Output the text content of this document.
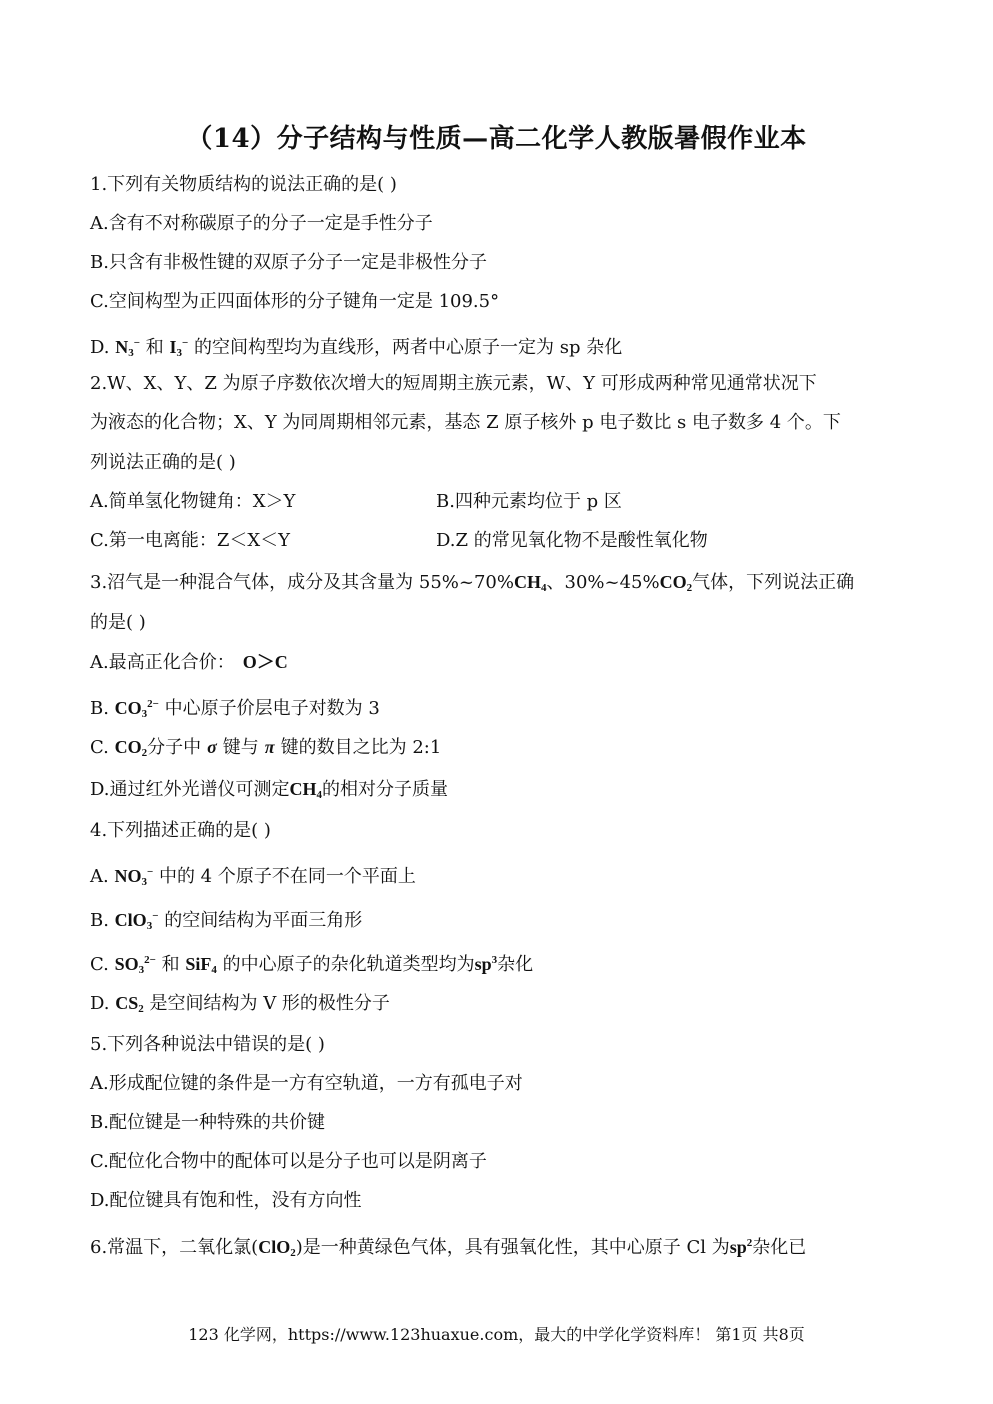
（14）分子结构与性质—高二化学人教版暑假作业本
1.下列有关物质结构的说法正确的是( )
A.含有不对称碳原子的分子一定是手性分子
B.只含有非极性键的双原子分子一定是非极性分子
C.空间构型为正四面体形的分子键角一定是 109.5°
D. $N_3^-$ 和 $I_3^-$ 的空间构型均为直线形，两者中心原子一定为 sp 杂化
2.W、X、Y、Z 为原子序数依次增大的短周期主族元素，W、Y 可形成两种常见通常状况下
为液态的化合物；X、Y 为同周期相邻元素，基态 Z 原子核外 p 电子数比 s 电子数多 4 个。下
列说法正确的是( )
A.简单氢化物键角：X＞Y	B.四种元素均位于 p 区
C.第一电离能：Z＜X＜Y	D.Z 的常见氧化物不是酸性氧化物
3.沼气是一种混合气体，成分及其含量为 $55\%\sim 70\%CH_4$、$30\%\sim 45\%CO_2$气体，下列说法正确
的是( )
A.最高正化合价： O＞C
B. $CO_3^{2-}$ 中心原子价层电子对数为 3
C. $CO_2$分子中 σ 键与 π 键的数目之比为 2:1
D.通过红外光谱仪可测定$CH_4$的相对分子质量
4.下列描述正确的是( )
A. $NO_3^-$ 中的 4 个原子不在同一个平面上
B. ClO$_3$− 的空间结构为平面三角形
C. $SO_3^{2-}$ 和 SiF$_4$ 的中心原子的杂化轨道类型均为$sp^3$杂化
D. $CS_2$ 是空间结构为 V 形的极性分子
5.下列各种说法中错误的是( )
A.形成配位键的条件是一方有空轨道，一方有孤电子对
B.配位键是一种特殊的共价键
C.配位化合物中的配体可以是分子也可以是阴离子
D.配位键具有饱和性，没有方向性
6.常温下，二氧化氯(ClO$_2$)是一种黄绿色气体，具有强氧化性，其中心原子 Cl 为$sp^2$杂化已
123 化学网，https://www.123huaxue.com，最大的中学化学资料库！ 第1页 共8页
